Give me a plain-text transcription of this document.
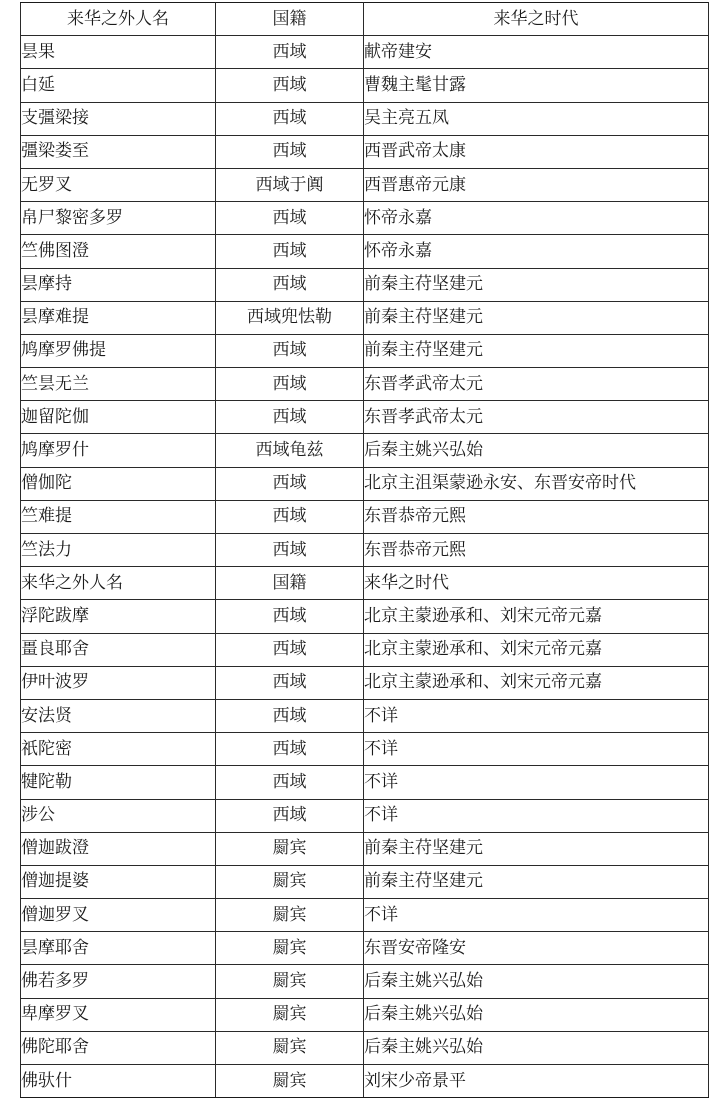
来华之外人名	国籍	来华之时代
昙果	西域	献帝建安
白延	西域	曹魏主髦甘露
支彊梁接	西域	吴主亮五凤
彊梁娄至	西域	西晋武帝太康
无罗叉	西域于阗	西晋惠帝元康
帛尸黎密多罗	西域	怀帝永嘉
竺佛图澄	西域	怀帝永嘉
昙摩持	西域	前秦主苻坚建元
昙摩难提	西域兜怯勒	前秦主苻坚建元
鸠摩罗佛提	西域	前秦主苻坚建元
竺昙无兰	西域	东晋孝武帝太元
迦留陀伽	西域	东晋孝武帝太元
鸠摩罗什	西域龟兹	后秦主姚兴弘始
僧伽陀	西域	北京主沮渠蒙逊永安、东晋安帝时代
竺难提	西域	东晋恭帝元熙
竺法力	西域	东晋恭帝元熙
来华之外人名	国籍	来华之时代
浮陀跋摩	西域	北京主蒙逊承和、刘宋元帝元嘉
畺良耶舍	西域	北京主蒙逊承和、刘宋元帝元嘉
伊叶波罗	西域	北京主蒙逊承和、刘宋元帝元嘉
安法贤	西域	不详
祇陀密	西域	不详
犍陀勒	西域	不详
涉公	西域	不详
僧迦跋澄	罽宾	前秦主苻坚建元
僧迦提婆	罽宾	前秦主苻坚建元
僧迦罗叉	罽宾	不详
昙摩耶舍	罽宾	东晋安帝隆安
佛若多罗	罽宾	后秦主姚兴弘始
卑摩罗叉	罽宾	后秦主姚兴弘始
佛陀耶舍	罽宾	后秦主姚兴弘始
佛驮什	罽宾	刘宋少帝景平
